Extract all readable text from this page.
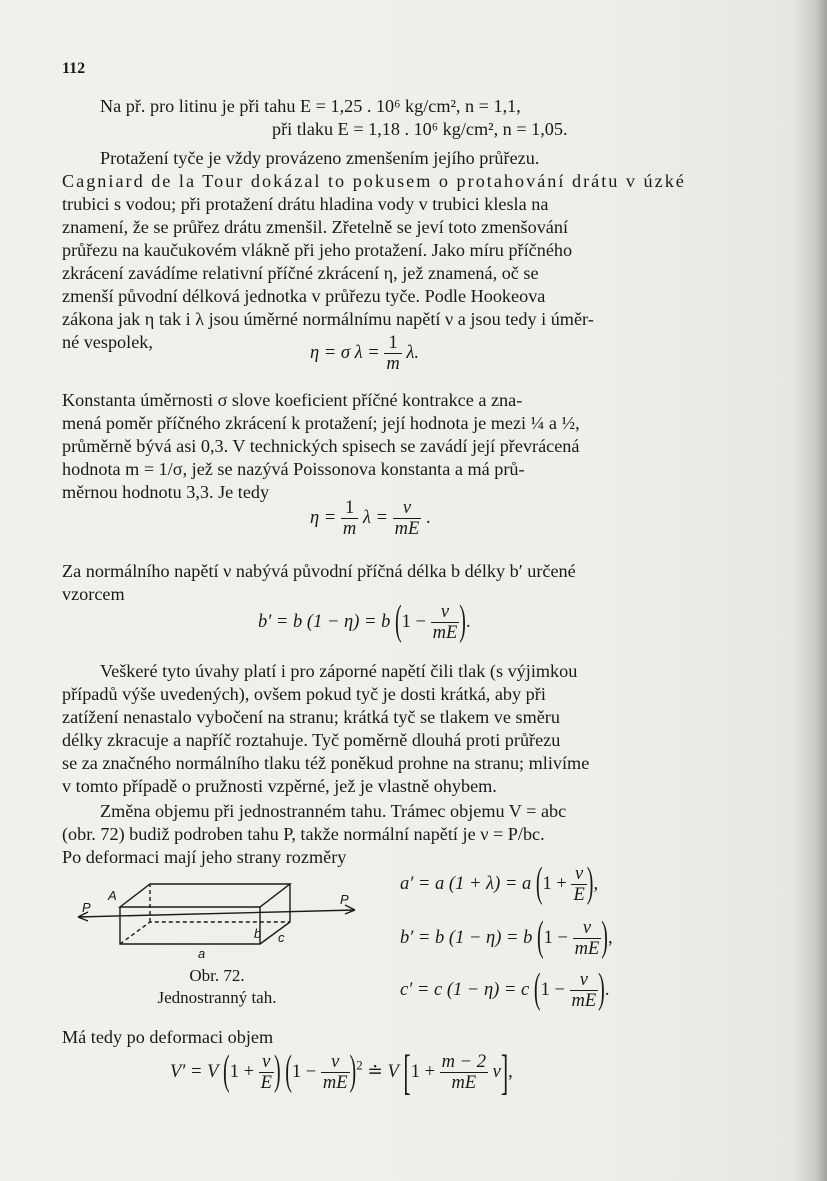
112
Na př. pro litinu je při tahu E = 1,25 . 10⁶ kg/cm², n = 1,1,
při tlaku E = 1,18 . 10⁶ kg/cm², n = 1,05.
Protažení tyče je vždy provázeno zmenšením jejího průřezu.
Cagniard de la Tour dokázal to pokusem o protahování drátu v úzké
trubici s vodou; při protažení drátu hladina vody v trubici klesla na
znamení, že se průřez drátu zmenšil. Zřetelně se jeví toto zmenšování
průřezu na kaučukovém vlákně při jeho protažení. Jako míru příčného
zkrácení zavádíme relativní příčné zkrácení η, jež znamená, oč se
zmenší původní délková jednotka v průřezu tyče. Podle Hookeova
zákona jak η tak i λ jsou úměrné normálnímu napětí ν a jsou tedy i úměr-
né vespolek,
η = σ $\lambda = \frac{1}{m} \lambda$.
Konstanta úměrnosti σ slove koeficient příčné kontrakce a zna-
mená poměr příčného zkrácení k protažení; její hodnota je mezi ¼ a ½,
průměrně bývá asi 0,3. V technických spisech se zavádí její převrácená
hodnota m = 1/σ, jež se nazývá Poissonova konstanta a má prů-
měrnou hodnotu 3,3. Je tedy
$\eta = \frac{1}{m}$ $\lambda = \frac{\nu}{mE}$ .
Za normálního napětí ν nabývá původní příčná délka b délky b′ určené
vzorcem
b′ = b (1 − η) = b ($1 - \frac{\nu}{mE}$ ).
Veškeré tyto úvahy platí i pro záporné napětí čili tlak (s výjimkou
případů výše uvedených), ovšem pokud tyč je dosti krátká, aby při
zatížení nenastalo vybočení na stranu; krátká tyč se tlakem ve směru
délky zkracuje a napříč roztahuje. Tyč poměrně dlouhá proti průřezu
se za značného normálního tlaku též poněkud prohne na stranu; mlivíme
v tomto případě o pružnosti vzpěrné, jež je vlastně ohybem.
Změna objemu při jednostranném tahu. Trámec objemu V = abc
(obr. 72) budiž podroben tahu P, takže normální napětí je ν = P/bc.
Po deformaci mají jeho strany rozměry
A
P
P
a
b c
Obr. 72.
Jednostranný tah.
a′ = a (1 + λ) = a ($1 + \frac{\nu}{E}$ ),
b′ = b (1 − η) = b ($1 - \frac{\nu}{mE}$ ),
c′ = c (1 − η) = c ($1 - \frac{\nu}{mE}$ ).
Má tedy po deformaci objem
V′ = V ($1 + \frac{\nu}{E}$ ) $(1 - \frac{\nu}{mE} )^2$ ≐ V $[1 + \frac{m - 2}{mE} \nu]$,
